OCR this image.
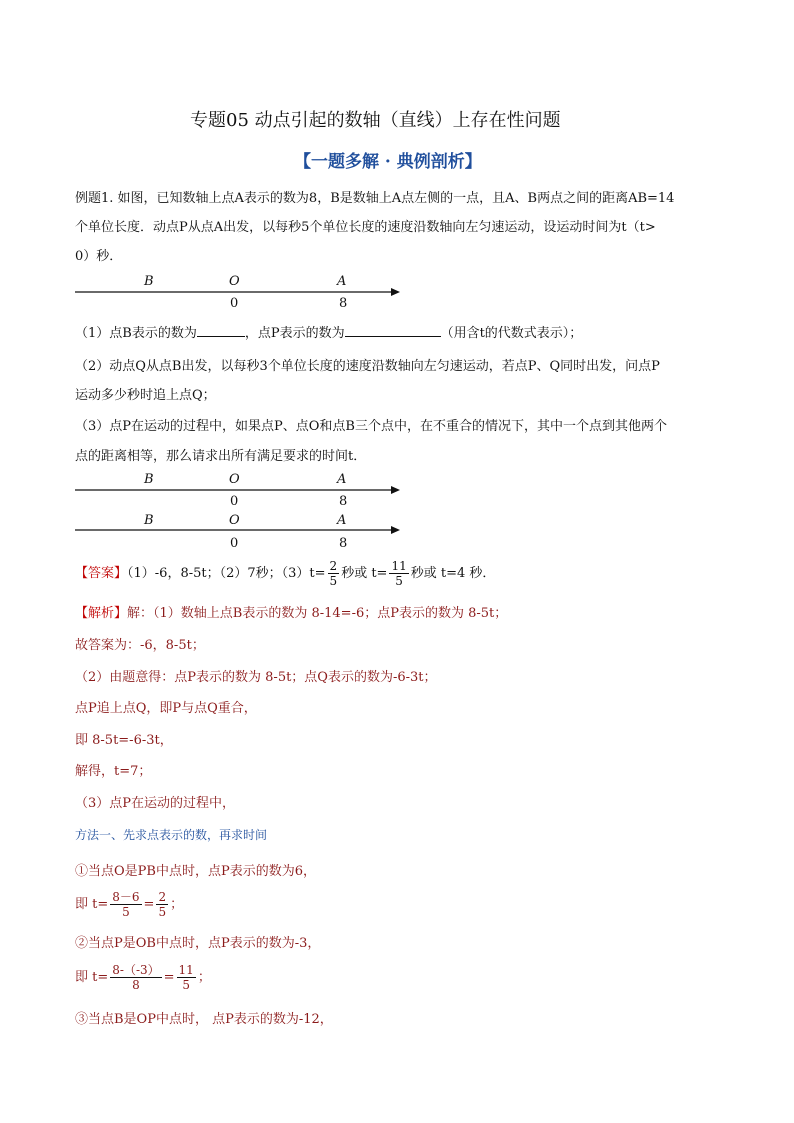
专题05 动点引起的数轴（直线）上存在性问题
【一题多解 · 典例剖析】
例题1. 如图，已知数轴上点A表示的数为8，B是数轴上A点左侧的一点，且A、B两点之间的距离AB=14
个单位长度．动点P从点A出发，以每秒5个单位长度的速度沿数轴向左匀速运动，设运动时间为t（t>
0）秒．
B	O	A
0	8
（1）点B表示的数为	，点P表示的数为	（用含t的代数式表示）；
（2）动点Q从点B出发，以每秒3个单位长度的速度沿数轴向左匀速运动，若点P、Q同时出发，问点P
运动多少秒时追上点Q；
（3）点P在运动的过程中，如果点P、点O和点B三个点中，在不重合的情况下，其中一个点到其他两个
点的距离相等，那么请求出所有满足要求的时间t．
B	O	A
0	8
B	O	A
0	8
【答案】（1）-6，8-5t；（2）7秒；$(3)t= \frac{2}{5}$ 秒或 $t= \frac{11}{5}$ 秒或 t=4 秒．
【解析】解：（1）数轴上点B表示的数为 8-14=-6；点P表示的数为 8-5t；
故答案为：-6，8-5t；
（2）由题意得：点P表示的数为 8-5t；点Q表示的数为-6-3t；
点P追上点Q，即P与点Q重合，
即 8-5t=-6-3t，
解得，t=7；
（3）点P在运动的过程中，
方法一、先求点表示的数，再求时间
①当点O是PB中点时，点P表示的数为6，
即 $t= \frac{8-6}{5} = \frac{2}{5}$ ；
②当点P是OB中点时，点P表示的数为-3，
即 $t= \frac{8-(-3)}{8} = \frac{11}{5}$ ；
③当点B是OP中点时， 点P表示的数为-12，
